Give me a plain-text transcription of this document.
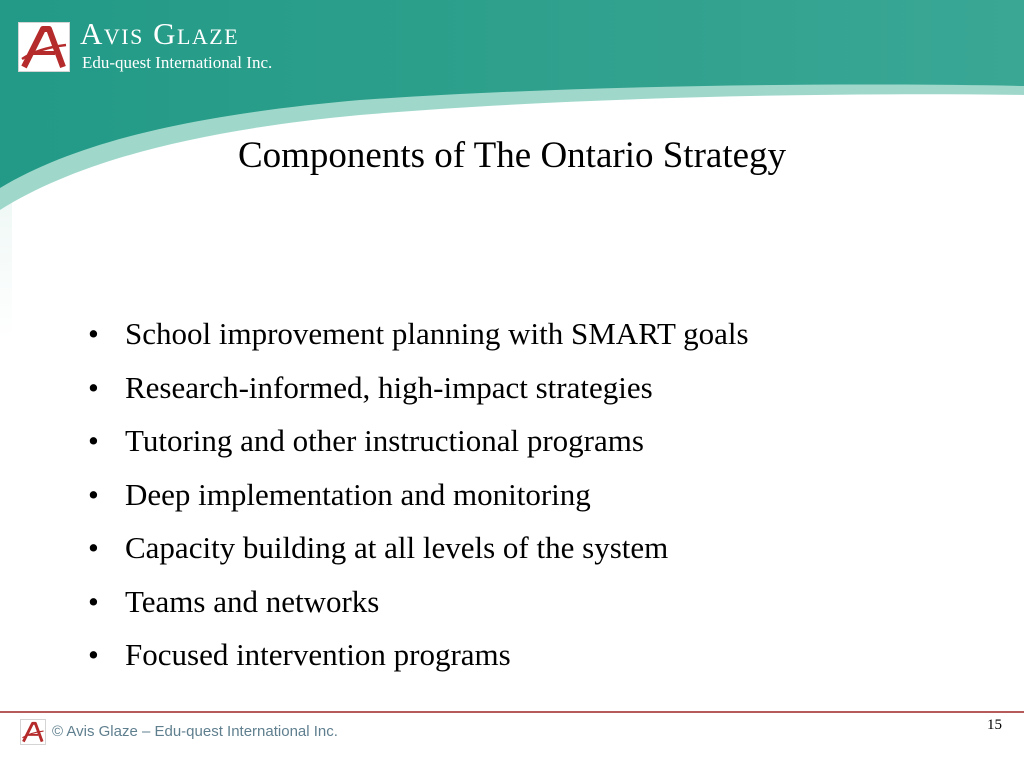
Avis Glaze
Edu-quest International Inc.
Components of The Ontario Strategy
• School improvement planning with SMART goals
• Research-informed, high-impact strategies
• Tutoring and other instructional programs
• Deep implementation and monitoring
• Capacity building at all levels of the system
• Teams and networks
• Focused intervention programs
© Avis Glaze – Edu-quest International Inc.	15
